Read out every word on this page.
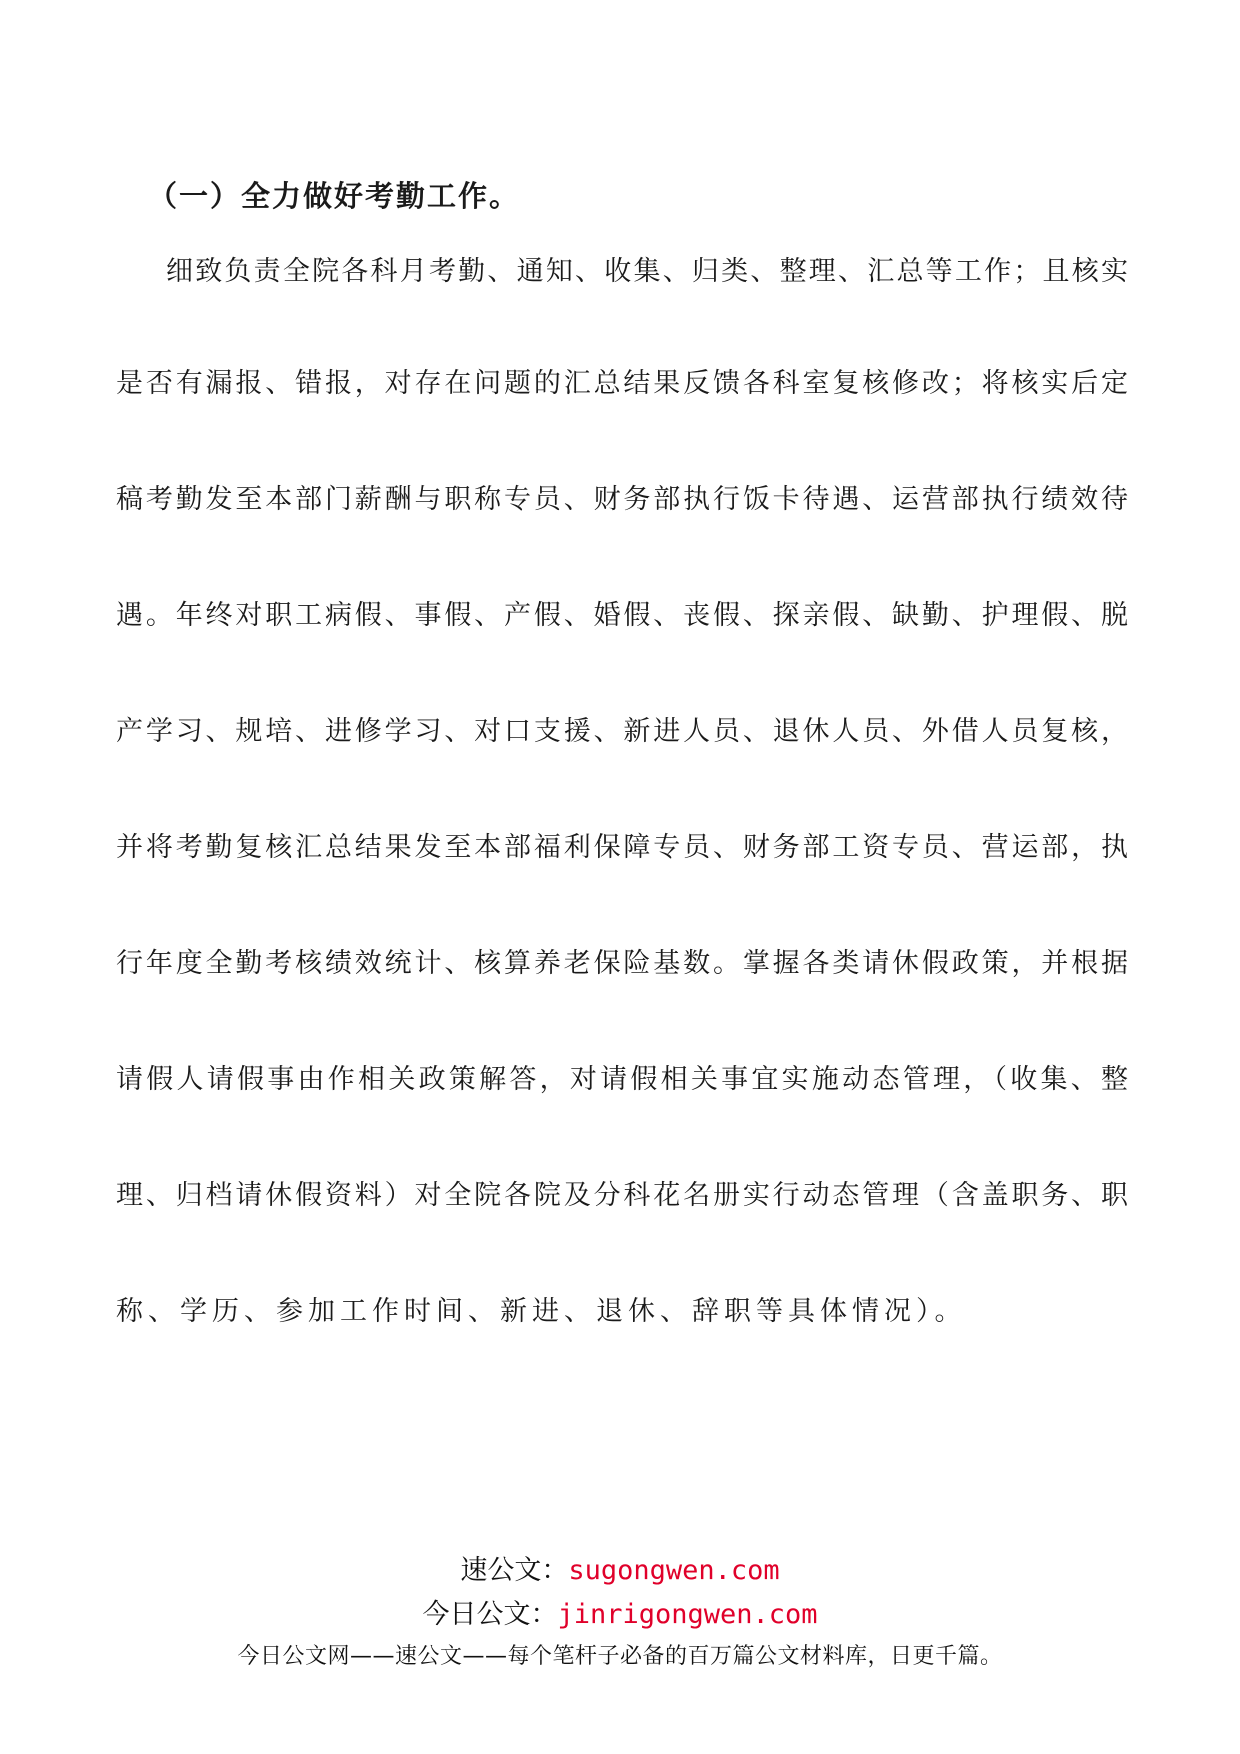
（一）全力做好考勤工作。
细致负责全院各科月考勤、通知、收集、归类、整理、汇总等工作；且核实
是否有漏报、错报，对存在问题的汇总结果反馈各科室复核修改；将核实后定
稿考勤发至本部门薪酬与职称专员、财务部执行饭卡待遇、运营部执行绩效待
遇。年终对职工病假、事假、产假、婚假、丧假、探亲假、缺勤、护理假、脱
产学习、规培、进修学习、对口支援、新进人员、退休人员、外借人员复核，
并将考勤复核汇总结果发至本部福利保障专员、财务部工资专员、营运部，执
行年度全勤考核绩效统计、核算养老保险基数。掌握各类请休假政策，并根据
请假人请假事由作相关政策解答，对请假相关事宜实施动态管理，（收集、整
理、归档请休假资料）对全院各院及分科花名册实行动态管理（含盖职务、职
称、学历、参加工作时间、新进、退休、辞职等具体情况）。
速公文：sugongwen.com
今日公文：jinrigongwen.com
今日公文网——速公文——每个笔杆子必备的百万篇公文材料库，日更千篇。
